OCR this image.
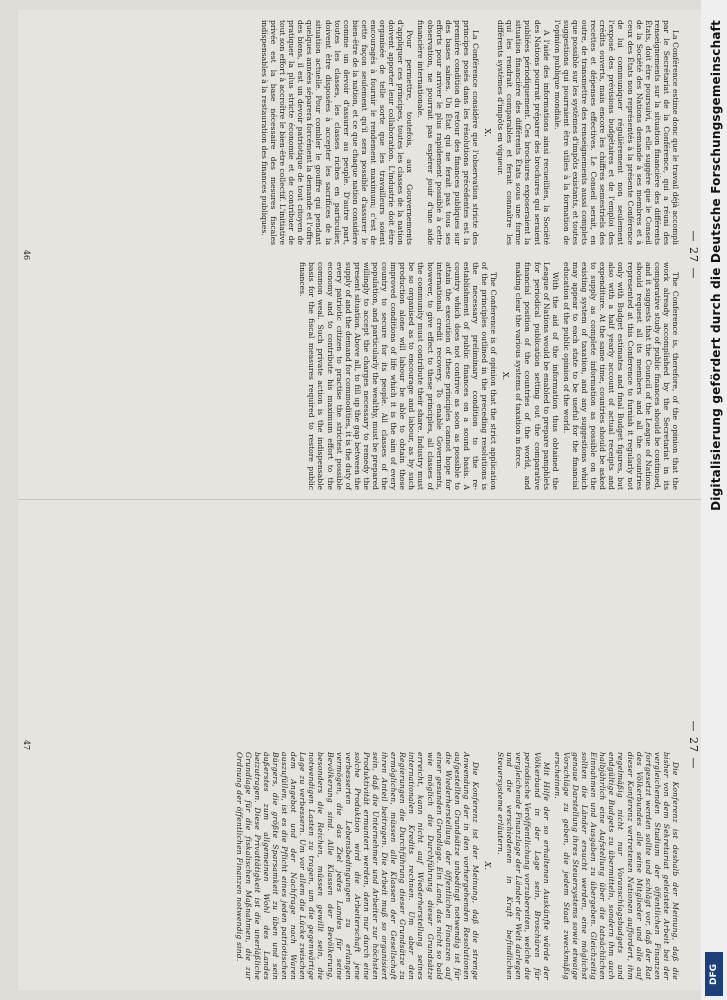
— 27 —

La Conférence estime donc que le travail déjà accompli par le Secrétariat de la Conférence, qui a réuni des renseignements sur la situation financière des différents États, doit être poursuivi, et elle suggère que le Conseil de la Société des Nations demande à ses membres et à ceux des États non représentés à la présente Conférence de lui communiquer régulièrement non seulement l'exposé des prévisions budgétaires et de l'emploi des crédits ouverts, mais encore les chiffres semestriels des recettes et dépenses effectives. Le Conseil serait, en outre, de transmettre des renseignements aussi complets que possible sur les systèmes d'impôts existants, et toutes suggestions qui pourraient être utiles à la formation de l'opinion publique mondiale.

A l'aide des informations ainsi recueillies, la Société des Nations pourrait préparer des brochures qui seraient publiées périodiquement. Ces brochures exposeraient la situation financière des différents États sous une forme qui les rendrait comparables et ferait connaître les différents systèmes d'impôts en vigueur.

X.

La Conférence considère que l'observation stricte des principes posés dans les résolutions précédentes est la première condition du retour des finances publiques sur des bases saines. Un État qui ne ferait pas tous ses efforts pour arriver le plus rapidement possible à cette observation, ne pourrait pas espérer jouir d'une aide financière internationale.

Pour permettre, toutefois, aux Gouvernements d'appliquer ces principes, toutes les classes de la nation doivent apporter leur collaboration. L'industrie doit être organisée de telle sorte que les travailleurs soient encouragés à fournir le rendement maximum; c'est de cette façon seulement qu'il sera possible d'assurer le bien-être de la nation, et ce que chaque nation considère comme un devoir d'assurer au peuple. D'autre part, toutes les classes, les classes riches en particulier, doivent être disposées à accepter les sacrifices de la situation actuelle. Pour combler le gouffre qui pendant quelques années séparera forcément la demande et l'offre des biens, il est un devoir patriotique de tout citoyen de pratiquer la plus stricte économie et de contribuer de tout son effort à accroître le bien-être collectif. L'initiative privée est la base nécessaire des mesures fiscales indispensables à la restauration des finances publiques.

The Conference is, therefore, of the opinion that the work already accomplished by the Secretariat in its comparative study of public finances should be continued, and it suggests that the Council of the League of Nations should request all its members and all the countries represented at this Conference to furnish it regularly not only with Budget estimates and final Budget figures, but also with a half yearly account of actual receipts and expenditure. At the same time, countries should be asked to supply as complete information as possible on the existing system of taxation, and any suggestions which may appear to each state to be useful for the financial education of the public opinion of the world.

With the aid of the information thus obtained the League of Nations would be enabled to prepare pamphlets for periodical publication setting out the comparative financial position of the countries of the world, and making clear the various systems of taxation in force.

X.

The Conference is of opinion that the strict application of the principles outlined in the preceding resolutions is the necessary preliminary condition to the re-establishment of public finances on a sound basis. A country which does not contrive as soon as possible to attain the execution of these principles cannot hope for international credit recovery. To enable Governments, however, to give effect to these principles, all classes of the community must contribute their share. Industry must be so organised as to encourage and labour, as by such production alone will labour be able to obtain those improved conditions of life which it is the aim of every country to secure for its people. All classes of the population, and particularly the wealthy, must be prepared willingly to accept the charges necessary to remedy the present situation. Above all, to fill up the gap between the supply of and the demand for commodities, it is the duty of every patriotic citizen to practise the strictest possible economy and to contribute his maximum effort to the common weal. Such private action is the indispensable basis for the fiscal measures required to restore public finances.

46
— 27 —

Die Konferenz ist deshalb der Meinung, daß die bisher von dem Sekretariat geleistete Arbeit bei der vergleichenden Studium der öffentlichen Finanzen fortgesetzt werden sollte und schlägt vor, daß der Rat des Völkerbundes alle seine Mitglieder und alle auf dieser Konferenz vertretenen Nationen auffordert, ihm regelmäßig nicht nur Voranschlagsbudgets und endgültige Budgets zu übermitteln, sondern ihm auch halbjährlich eine Aufstellung über die tatsächlichen Einnahmen und Ausgaben zu übergeben. Gleichzeitig sollten die Länder ersucht werden, eine möglichst genaue Darstellung ihres Steuersystems sowie etwaige Vorschläge zu geben, die jedem Staat zweckmäßig erscheinen.

Mit Hilfe der so erhaltenen Auskünfte würde der Völkerbund in der Lage sein, Broschüren für periodische Veröffentlichung vorzubereiten, welche die vergleichende Finanzlage der Länder der Welt darlegen und die verschiedenen in Kraft befindlichen Steuersysteme erläutern.

X.

Die Konferenz ist der Meinung, daß die strenge Anwendung der in den vorhergehenden Resolutionen aufgestellten Grundsätze unbedingt notwendig ist für die Wiederherstellung der öffentlichen Finanzen auf einer gesunden Grundlage. Ein Land, das nicht so bald wie möglich die Durchführung dieser Grundsätze erreicht, kann nicht auf Wiederherstellung seines internationalen Kredits rechnen. Um aber den Regierungen die Durchführung dieser Grundsätze zu ermöglichen, müssen alle Klassen der Gesellschaft ihren Anteil beitragen. Die Arbeit muß so organisiert sein, daß die Unternehmer und Arbeiter zur höchsten Produktivität ermuntert werden, denn nur durch eine solche Produktion wird die Arbeiterschaft jene verbesserten Lebensbedingungen zu erlangen vermögen, die das Ziel jedes Landes für seine Bevölkerung sind. Alle Klassen der Bevölkerung, besonders die Reichen, müssen gewillt sein, die notwendigen Lasten zu tragen, um die gegenwärtige Lage zu verbessern. Um vor allem die Lücke zwischen dem Angebot und der Nachfrage nach Waren auszufüllen, ist es die Pflicht eines jeden patriotischen Bürgers, die größte Sparsamkeit zu üben und sein äußerstes zum allgemeinen Wohl des Landes beizutragen. Diese Privattätigkeit ist die unerläßliche Grundlage für die fiskalischen Maßnahmen, die zur Ordnung der öffentlichen Finanzen notwendig sind.

47
Digitalisierung gefördert durch die Deutsche Forschungsgemeinschaft
DFG
